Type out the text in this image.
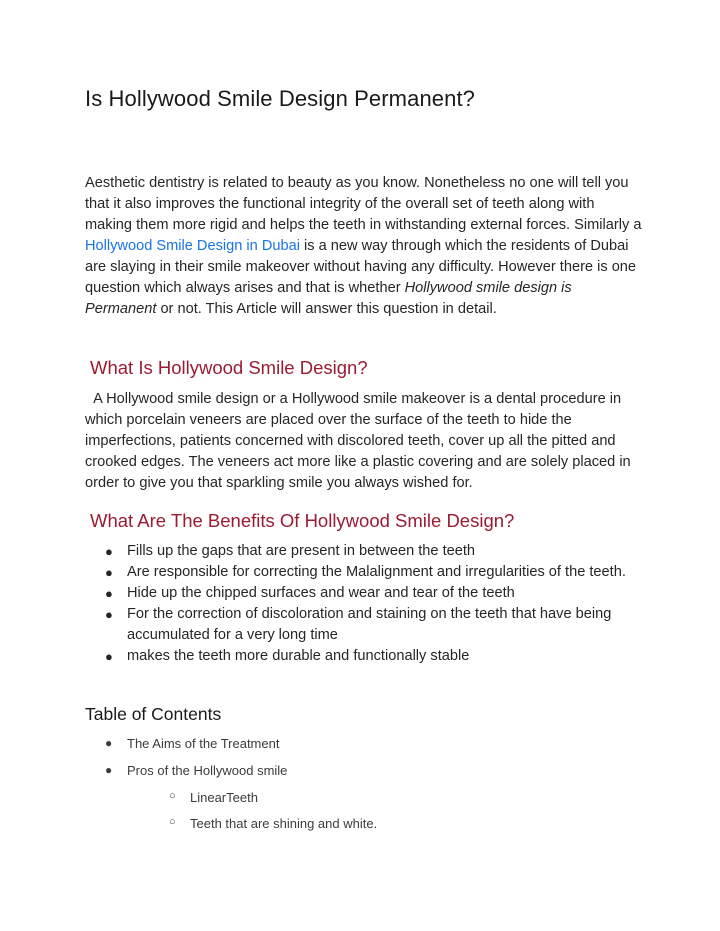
Is Hollywood Smile Design Permanent?

Aesthetic dentistry is related to beauty as you know. Nonetheless no one will tell you that it also improves the functional integrity of the overall set of teeth along with making them more rigid and helps the teeth in withstanding external forces. Similarly a Hollywood Smile Design in Dubai is a new way through which the residents of Dubai are slaying in their smile makeover without having any difficulty. However there is one question which always arises and that is whether Hollywood smile design is Permanent or not. This Article will answer this question in detail.

What Is Hollywood Smile Design?

A Hollywood smile design or a Hollywood smile makeover is a dental procedure in which porcelain veneers are placed over the surface of the teeth to hide the imperfections, patients concerned with discolored teeth, cover up all the pitted and crooked edges. The veneers act more like a plastic covering and are solely placed in order to give you that sparkling smile you always wished for.

What Are The Benefits Of Hollywood Smile Design?
● Fills up the gaps that are present in between the teeth
● Are responsible for correcting the Malalignment and irregularities of the teeth.
● Hide up the chipped surfaces and wear and tear of the teeth
● For the correction of discoloration and staining on the teeth that have being accumulated for a very long time
● makes the teeth more durable and functionally stable
Table of Contents
● The Aims of the Treatment
● Pros of the Hollywood smile
○ LinearTeeth
○ Teeth that are shining and white.
